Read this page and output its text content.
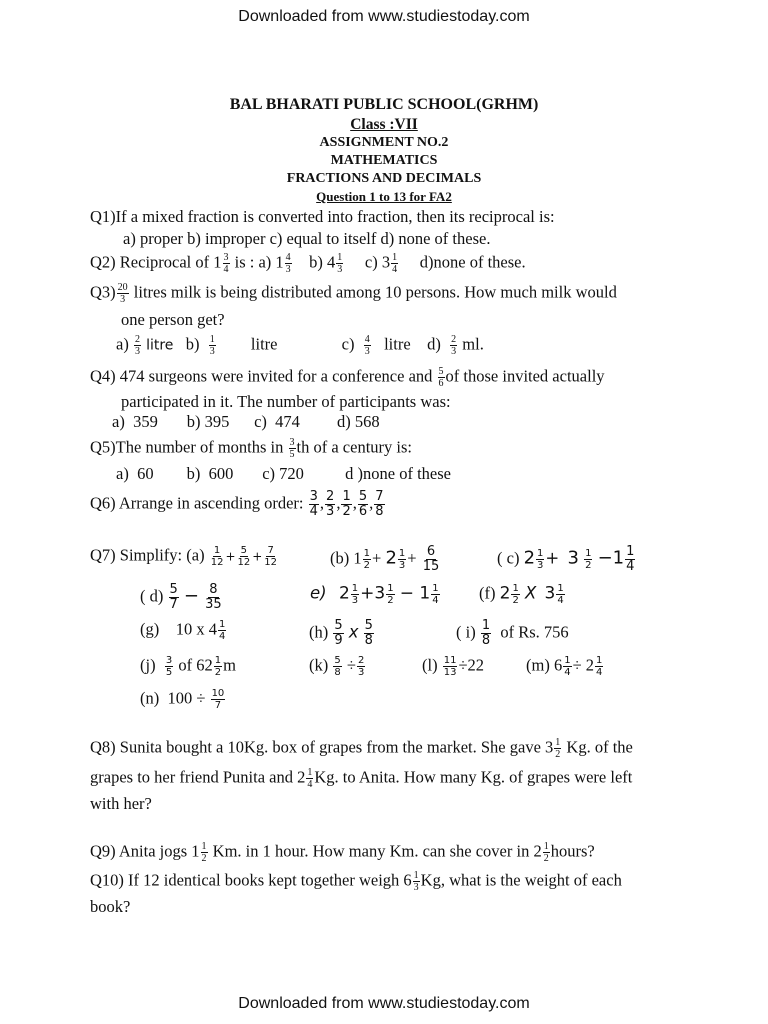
Downloaded from www.studiestoday.com
BAL BHARATI PUBLIC SCHOOL(GRHM)
Class :VII
ASSIGNMENT NO.2
MATHEMATICS
FRACTIONS AND DECIMALS
Question 1 to 13 for FA2
Q1)If a mixed fraction is converted into fraction, then its reciprocal is:
a) proper b) improper c) equal to itself d) none of these.
Q2) Reciprocal of $1 \frac{3}{4}$ is : a) $1 \frac{4}{3} b$) $4 \frac{1}{3} c$) $3 \frac{1}{4}$ d)none of these.
$Q3) \frac{20}{3}$ litres milk is being distributed among 10 persons. How much milk would
one person get?
$a) \frac{2}{3}$ litre $b) \frac{1}{3}$ litre	$c) \frac{4}{3}$ litre $d) \frac{2}{3}$ ml.
Q4) 474 surgeons were invited for a conference and $\frac{5}{6}$ of those invited actually
participated in it. The number of participants was:
a)  359       b) 395      c)  474         d) 568
Q5)The number of months in $\frac{3}{5}$ th of a century is:
a)  60        b)  600       c) 720          d )none of these
Q6) Arrange in ascending order: $\frac{3}{4}$ , $\frac{2}{3}$ , $\frac{1}{2}$ , $\frac{5}{6}$ , $\frac{7}{8}$
Q7) Simplify: $(a) \frac{1}{12} + \frac{5}{12} + \frac{7}{12}$	(b) $1 \frac{1}{2} + 2 \frac{1}{3} + \frac{6}{15}$	( c) $2 \frac{1}{3} + 3 \frac{1}{2} -1 \frac{1}{4}$
( $d) \frac{5}{7} - \frac{8}{35}$	e) $2 \frac{1}{3} +3 \frac{1}{2} - 1 \frac{1}{4} (f)$ $2 \frac{1}{2}$ X $3 \frac{1}{4}$
(g) 10 x $4 \frac{1}{4}$	$(h) \frac{5}{9}$ x $\frac{5}{8}$	( $i) \frac{1}{8}$ of Rs. 756
$(j) \frac{3}{5}$ of $62 \frac{1}{2}$ m	$(k) \frac{5}{8} \div \frac{2}{3}$	$(l) \frac{11}{13} \div 22$	(m) $6 \frac{1}{4} \div 2 \frac{1}{4}$
(n) $100 \div \frac{10}{7}$
Q8) Sunita bought a 10Kg. box of grapes from the market. She gave $3 \frac{1}{2} Kg$. of the
grapes to her friend Punita and $2 \frac{1}{4} Kg$. to Anita. How many Kg. of grapes were left
with her?
Q9) Anita jogs $1 \frac{1}{2} Km$. in 1 hour. How many Km. can she cover in $2 \frac{1}{2}$ hours?
Q10) If 12 identical books kept together weigh $6 \frac{1}{3} Kg$, what is the weight of each
book?
Downloaded from www.studiestoday.com
